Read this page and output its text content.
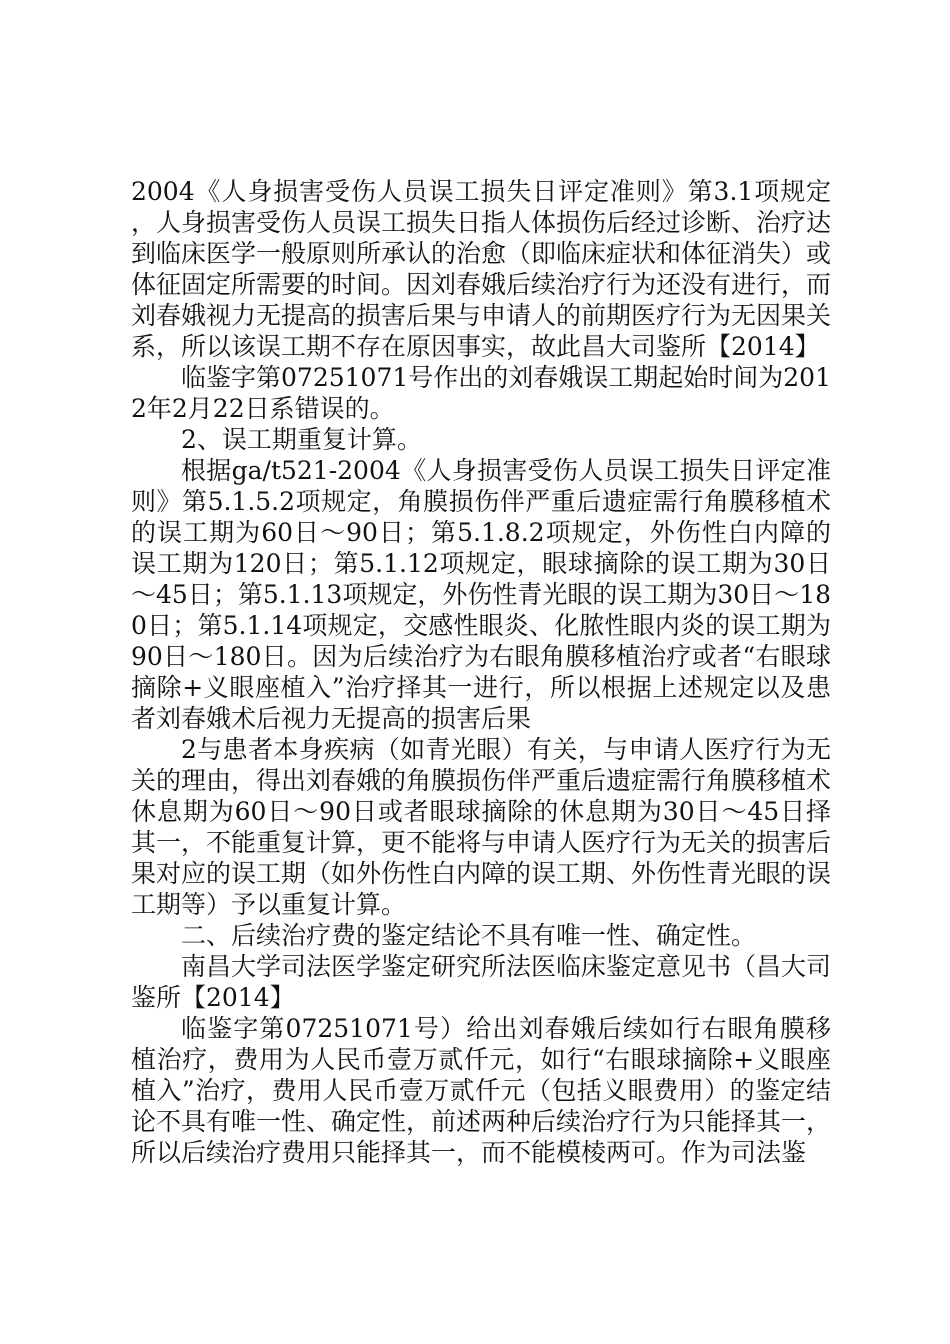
2004《人身损害受伤人员误工损失日评定准则》第3.1项规定，人身损害受伤人员误工损失日指人体损伤后经过诊断、治疗达到临床医学一般原则所承认的治愈（即临床症状和体征消失）或体征固定所需要的时间。因刘春娥后续治疗行为还没有进行，而刘春娥视力无提高的损害后果与申请人的前期医疗行为无因果关系，所以该误工期不存在原因事实，故此昌大司鉴所【2014】

临鉴字第07251071号作出的刘春娥误工期起始时间为2012年2月22日系错误的。

2、误工期重复计算。

根据ga/t521-2004《人身损害受伤人员误工损失日评定准则》第5.1.5.2项规定，角膜损伤伴严重后遗症需行角膜移植术的误工期为60日～90日；第5.1.8.2项规定，外伤性白内障的误工期为120日；第5.1.12项规定，眼球摘除的误工期为30日～45日；第5.1.13项规定，外伤性青光眼的误工期为30日～180日；第5.1.14项规定，交感性眼炎、化脓性眼内炎的误工期为90日～180日。因为后续治疗为右眼角膜移植治疗或者“右眼球摘除+义眼座植入”治疗择其一进行，所以根据上述规定以及患者刘春娥术后视力无提高的损害后果

2与患者本身疾病（如青光眼）有关，与申请人医疗行为无关的理由，得出刘春娥的角膜损伤伴严重后遗症需行角膜移植术休息期为60日～90日或者眼球摘除的休息期为30日～45日择其一，不能重复计算，更不能将与申请人医疗行为无关的损害后果对应的误工期（如外伤性白内障的误工期、外伤性青光眼的误工期等）予以重复计算。

二、后续治疗费的鉴定结论不具有唯一性、确定性。

南昌大学司法医学鉴定研究所法医临床鉴定意见书（昌大司鉴所【2014】

临鉴字第07251071号）给出刘春娥后续如行右眼角膜移植治疗，费用为人民币壹万贰仟元，如行“右眼球摘除+义眼座植入”治疗，费用人民币壹万贰仟元（包括义眼费用）的鉴定结论不具有唯一性、确定性，前述两种后续治疗行为只能择其一，所以后续治疗费用只能择其一，而不能模棱两可。作为司法鉴
